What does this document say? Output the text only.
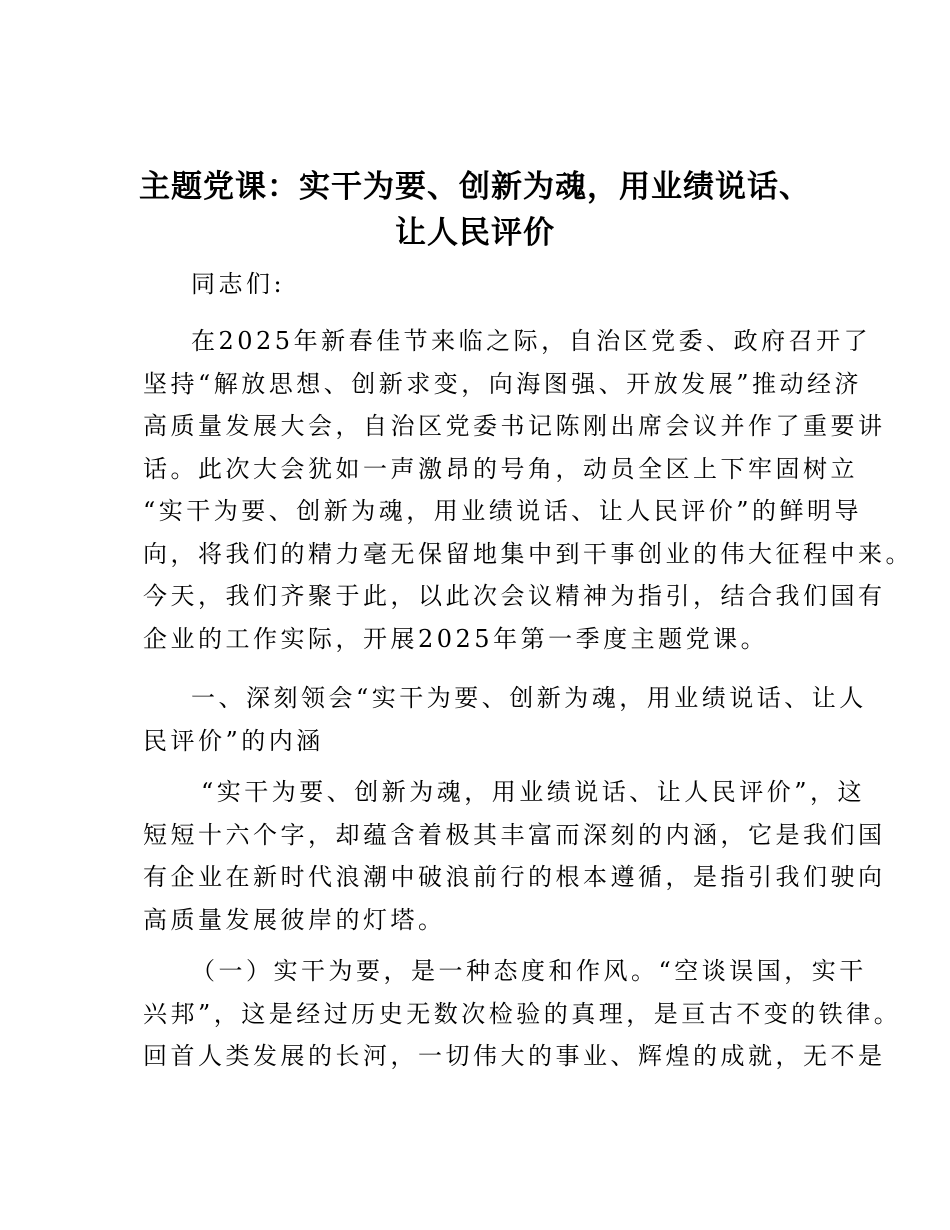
主题党课：实干为要、创新为魂，用业绩说话、
让人民评价

同志们:

在2025年新春佳节来临之际，自治区党委、政府召开了
坚持“解放思想、创新求变，向海图强、开放发展”推动经济
高质量发展大会，自治区党委书记陈刚出席会议并作了重要讲
话。此次大会犹如一声激昂的号角，动员全区上下牢固树立
“实干为要、创新为魂，用业绩说话、让人民评价”的鲜明导
向，将我们的精力毫无保留地集中到干事创业的伟大征程中来。
今天，我们齐聚于此，以此次会议精神为指引，结合我们国有
企业的工作实际，开展2025年第一季度主题党课。

一、深刻领会“实干为要、创新为魂，用业绩说话、让人
民评价”的内涵

“实干为要、创新为魂，用业绩说话、让人民评价”，这
短短十六个字，却蕴含着极其丰富而深刻的内涵，它是我们国
有企业在新时代浪潮中破浪前行的根本遵循，是指引我们驶向
高质量发展彼岸的灯塔。

（一）实干为要，是一种态度和作风。“空谈误国，实干
兴邦”，这是经过历史无数次检验的真理，是亘古不变的铁律。
回首人类发展的长河，一切伟大的事业、辉煌的成就，无不是
